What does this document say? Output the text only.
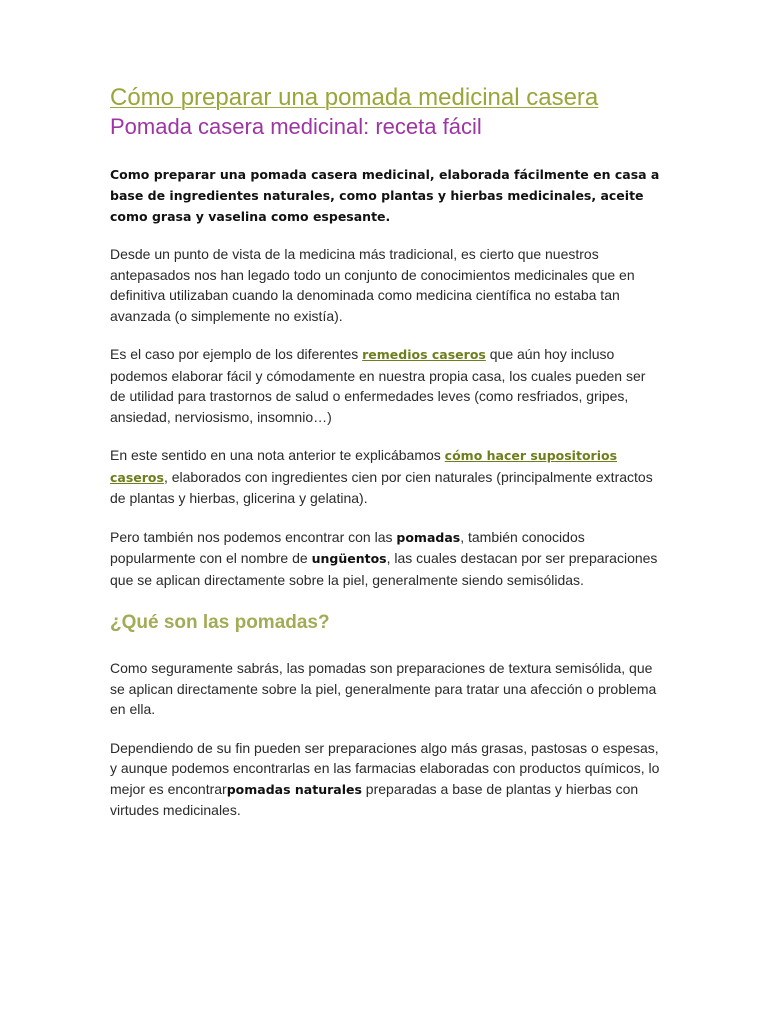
Cómo preparar una pomada medicinal casera
Pomada casera medicinal: receta fácil

Como preparar una pomada casera medicinal, elaborada fácilmente en casa a base de ingredientes naturales, como plantas y hierbas medicinales, aceite como grasa y vaselina como espesante.

Desde un punto de vista de la medicina más tradicional, es cierto que nuestros antepasados nos han legado todo un conjunto de conocimientos medicinales que en definitiva utilizaban cuando la denominada como medicina científica no estaba tan avanzada (o simplemente no existía).

Es el caso por ejemplo de los diferentes remedios caseros que aún hoy incluso podemos elaborar fácil y cómodamente en nuestra propia casa, los cuales pueden ser de utilidad para trastornos de salud o enfermedades leves (como resfriados, gripes, ansiedad, nerviosismo, insomnio…)

En este sentido en una nota anterior te explicábamos cómo hacer supositorios caseros, elaborados con ingredientes cien por cien naturales (principalmente extractos de plantas y hierbas, glicerina y gelatina).

Pero también nos podemos encontrar con las pomadas, también conocidos popularmente con el nombre de ungüentos, las cuales destacan por ser preparaciones que se aplican directamente sobre la piel, generalmente siendo semisólidas.

¿Qué son las pomadas?

Como seguramente sabrás, las pomadas son preparaciones de textura semisólida, que se aplican directamente sobre la piel, generalmente para tratar una afección o problema en ella.

Dependiendo de su fin pueden ser preparaciones algo más grasas, pastosas o espesas, y aunque podemos encontrarlas en las farmacias elaboradas con productos químicos, lo mejor es encontrarpomadas naturales preparadas a base de plantas y hierbas con virtudes medicinales.
